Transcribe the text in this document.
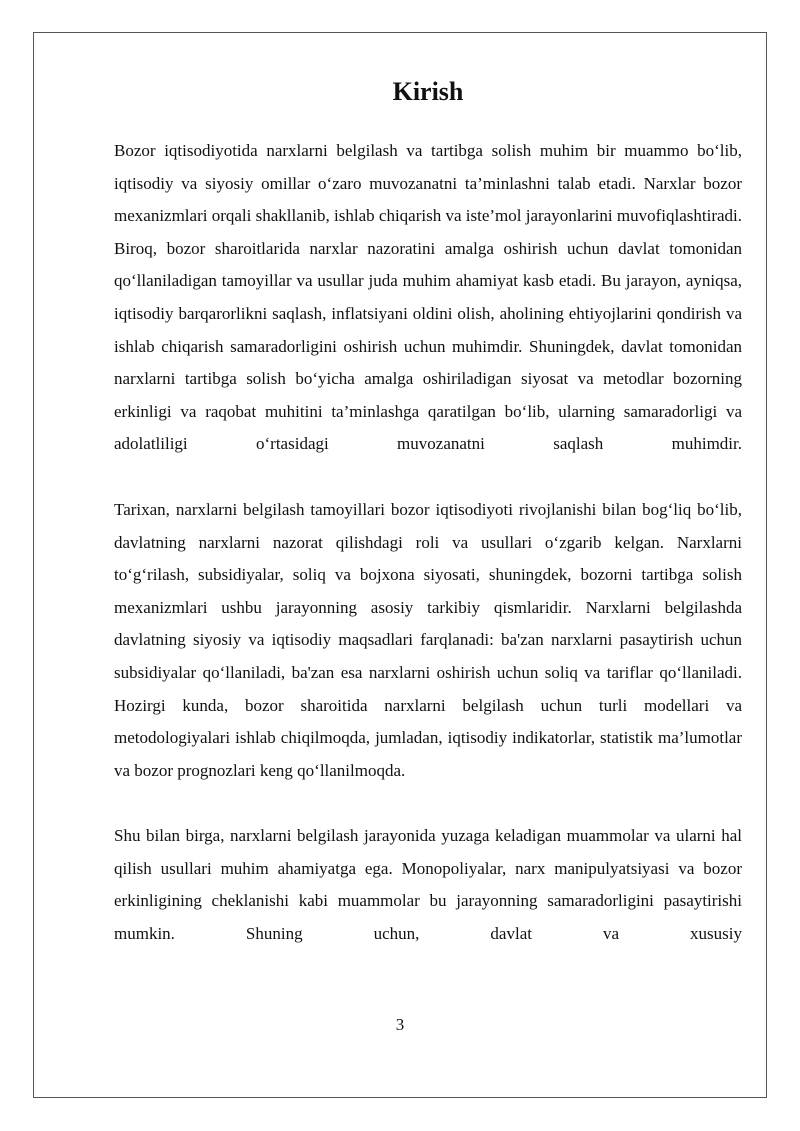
Kirish

Bozor iqtisodiyotida narxlarni belgilash va tartibga solish muhim bir muammo bo‘lib, iqtisodiy va siyosiy omillar o‘zaro muvozanatni ta’minlashni talab etadi. Narxlar bozor mexanizmlari orqali shakllanib, ishlab chiqarish va iste’mol jarayonlarini muvofiqlashtiradi. Biroq, bozor sharoitlarida narxlar nazoratini amalga oshirish uchun davlat tomonidan qo‘llaniladigan tamoyillar va usullar juda muhim ahamiyat kasb etadi. Bu jarayon, ayniqsa, iqtisodiy barqarorlikni saqlash, inflatsiyani oldini olish, aholining ehtiyojlarini qondirish va ishlab chiqarish samaradorligini oshirish uchun muhimdir. Shuningdek, davlat tomonidan narxlarni tartibga solish bo‘yicha amalga oshiriladigan siyosat va metodlar bozorning erkinligi va raqobat muhitini ta’minlashga qaratilgan bo‘lib, ularning samaradorligi va adolatliligi o‘rtasidagi muvozanatni saqlash muhimdir.

Tarixan, narxlarni belgilash tamoyillari bozor iqtisodiyoti rivojlanishi bilan bog‘liq bo‘lib, davlatning narxlarni nazorat qilishdagi roli va usullari o‘zgarib kelgan. Narxlarni to‘g‘rilash, subsidiyalar, soliq va bojxona siyosati, shuningdek, bozorni tartibga solish mexanizmlari ushbu jarayonning asosiy tarkibiy qismlaridir. Narxlarni belgilashda davlatning siyosiy va iqtisodiy maqsadlari farqlanadi: ba'zan narxlarni pasaytirish uchun subsidiyalar qo‘llaniladi, ba'zan esa narxlarni oshirish uchun soliq va tariflar qo‘llaniladi. Hozirgi kunda, bozor sharoitida narxlarni belgilash uchun turli modellari va metodologiyalari ishlab chiqilmoqda, jumladan, iqtisodiy indikatorlar, statistik ma’lumotlar va bozor prognozlari keng qo‘llanilmoqda.

Shu bilan birga, narxlarni belgilash jarayonida yuzaga keladigan muammolar va ularni hal qilish usullari muhim ahamiyatga ega. Monopoliyalar, narx manipulyatsiyasi va bozor erkinligining cheklanishi kabi muammolar bu jarayonning samaradorligini pasaytirishi mumkin. Shuning uchun, davlat va xususiy

3
